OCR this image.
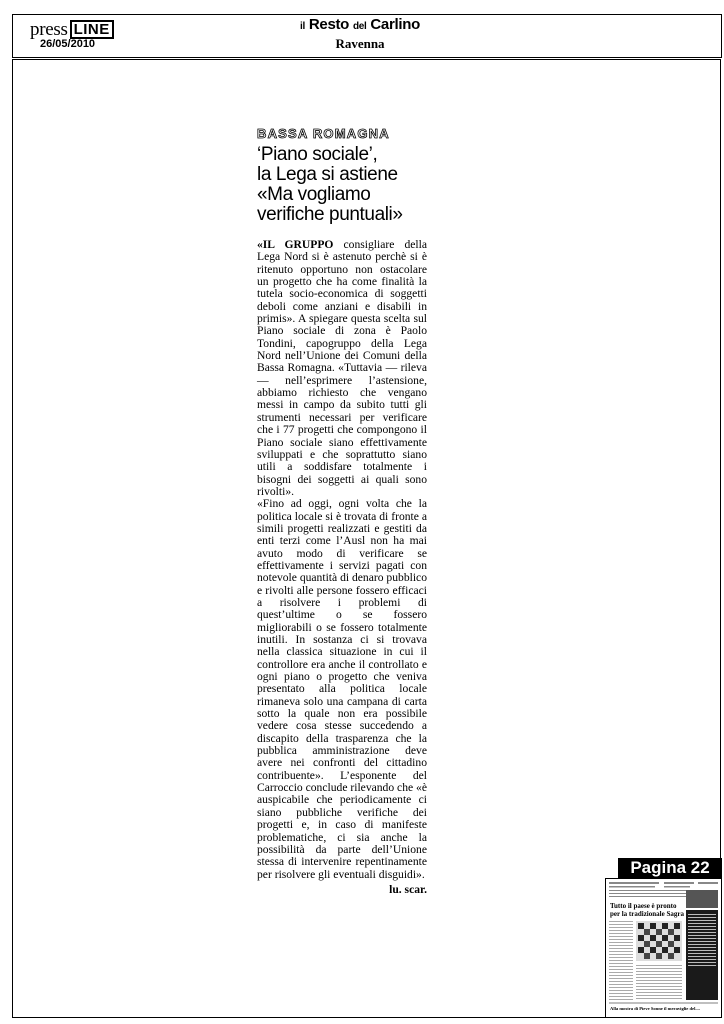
press LINE
26/05/2010
il Resto del Carlino
Ravenna
BASSA ROMAGNA
‘Piano sociale’,
la Lega si astiene
«Ma vogliamo
verifiche puntuali»

«IL GRUPPO consigliare della Lega Nord si è astenuto perchè si è ritenuto opportuno non ostacolare un progetto che ha come finalità la tutela socio-economica di soggetti deboli come anziani e disabili in primis». A spiegare questa scelta sul Piano sociale di zona è Paolo Tondini, capogruppo della Lega Nord nell’Unione dei Comuni della Bassa Romagna. «Tuttavia — rileva — nell’esprimere l’astensione, abbiamo richiesto che vengano messi in campo da subito tutti gli strumenti necessari per verificare che i 77 progetti che compongono il Piano sociale siano effettivamente sviluppati e che soprattutto siano utili a soddisfare totalmente i bisogni dei soggetti ai quali sono rivolti».

«Fino ad oggi, ogni volta che la politica locale si è trovata di fronte a simili progetti realizzati e gestiti da enti terzi come l’Ausl non ha mai avuto modo di verificare se effettivamente i servizi pagati con notevole quantità di denaro pubblico e rivolti alle persone fossero efficaci a risolvere i problemi di quest’ultime o se fossero migliorabili o se fossero totalmente inutili. In sostanza ci si trovava nella classica situazione in cui il controllore era anche il controllato e ogni piano o progetto che veniva presentato alla politica locale rimaneva solo una campana di carta sotto la quale non era possibile vedere cosa stesse succedendo a discapito della trasparenza che la pubblica amministrazione deve avere nei confronti del cittadino contribuente». L’esponente del Carroccio conclude rilevando che «è auspicabile che periodicamente ci siano pubbliche verifiche dei progetti e, in caso di manifeste problematiche, ci sia anche la possibilità da parte dell’Unione stessa di intervenire repentinamente per risolvere gli eventuali disguidi».

lu. scar.
Pagina 22
Tutto il paese è pronto
per la tradizionale Sagra
Alla mostra di Pieve Sonne il meraviglie del....
